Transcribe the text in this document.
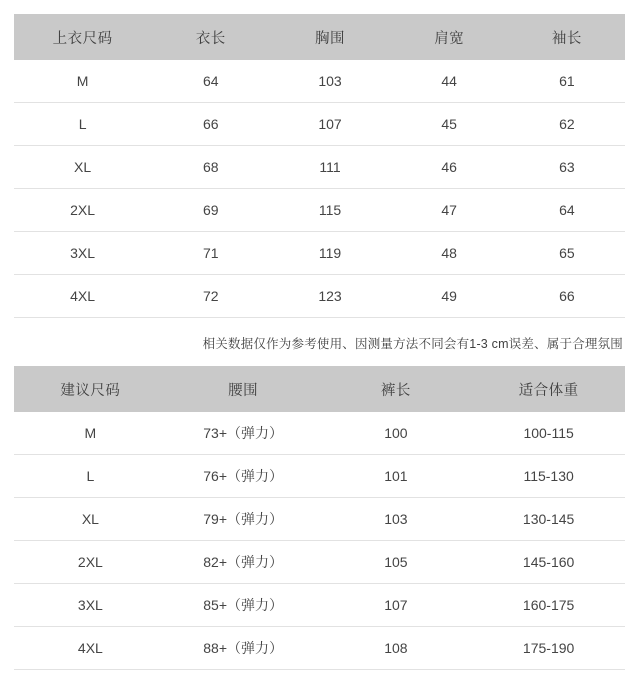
上衣尺码	衣长	胸围	肩宽	袖长
M	64	103	44	61
L	66	107	45	62
XL	68	111	46	63
2XL	69	115	47	64
3XL	71	119	48	65
4XL	72	123	49	66
相关数据仅作为参考使用、因测量方法不同会有1-3 cm误差、属于合理氛围
建议尺码	腰围	裤长	适合体重
M	73+（弹力）	100	100-115
L	76+（弹力）	101	115-130
XL	79+（弹力）	103	130-145
2XL	82+（弹力）	105	145-160
3XL	85+（弹力）	107	160-175
4XL	88+（弹力）	108	175-190
